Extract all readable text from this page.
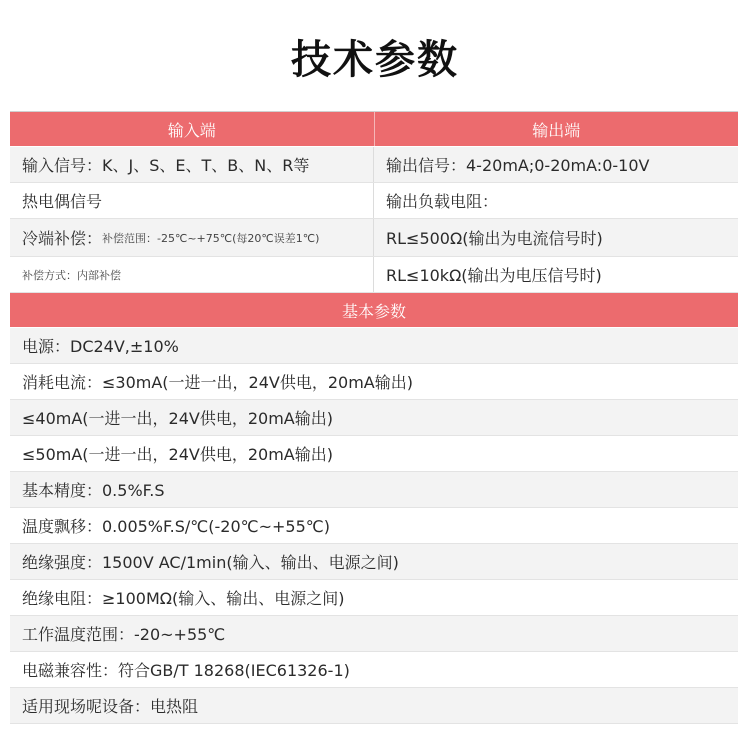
技术参数
输入端	输出端
输入信号：K、J、S、E、T、B、N、R等	输出信号：4-20mA;0-20mA:0-10V
热电偶信号	输出负载电阻：
冷端补偿： 补偿范围：-25℃~+75℃(每20℃误差1℃)	RL≤500Ω(输出为电流信号时)
补偿方式：内部补偿	RL≤10kΩ(输出为电压信号时)
基本参数
电源：DC24V,±10%
消耗电流：≤30mA(一进一出，24V供电，20mA输出)
≤40mA(一进一出，24V供电，20mA输出)
≤50mA(一进一出，24V供电，20mA输出)
基本精度：0.5%F.S
温度飘移：0.005%F.S/℃(-20℃~+55℃)
绝缘强度：1500V AC/1min(输入、输出、电源之间)
绝缘电阻：≥100MΩ(输入、输出、电源之间)
工作温度范围：-20~+55℃
电磁兼容性：符合GB/T 18268(IEC61326-1)
适用现场呢设备：电热阻
